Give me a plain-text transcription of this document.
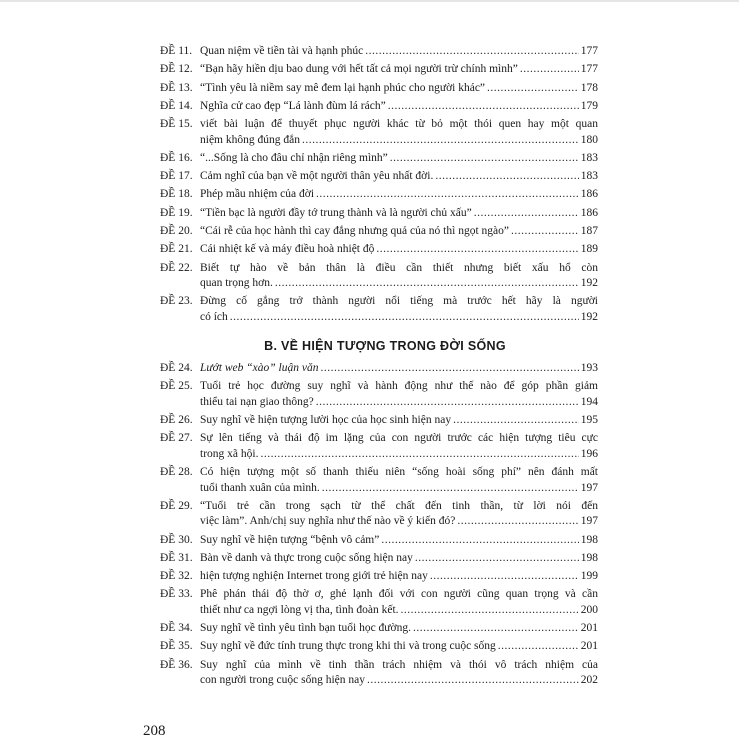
ĐỀ 11. Quan niệm về tiền tài và hạnh phúc .....	177
ĐỀ 12. “Bạn hãy hiền dịu bao dung với hết tất cả mọi người trừ chính mình” .....	177
ĐỀ 13. “Tình yêu là niềm say mê đem lại hạnh phúc cho người khác” .....	178
ĐỀ 14. Nghĩa cử cao đẹp “Lá lành đùm lá rách” .....	179
ĐỀ 15. viết bài luận để thuyết phục người khác từ bỏ một thói quen hay một quan
niệm không đúng đắn .....	180
ĐỀ 16. “...Sống là cho đâu chỉ nhận riêng mình” .....	183
ĐỀ 17. Cảm nghĩ của bạn về một người thân yêu nhất đời. .....	183
ĐỀ 18. Phép mầu nhiệm của đời .....	186
ĐỀ 19. “Tiền bạc là người đầy tớ trung thành và là người chủ xấu” .....	186
ĐỀ 20. “Cái rễ của học hành thì cay đắng nhưng quả của nó thì ngọt ngào” .....	187
ĐỀ 21. Cái nhiệt kế và máy điều hoà nhiệt độ .....	189
ĐỀ 22. Biết tự hào về bản thân là điều cần thiết nhưng biết xấu hổ còn
quan trọng hơn. .....	192
ĐỀ 23. Đừng cố gắng trở thành người nổi tiếng mà trước hết hãy là người
có ích .....	192
B. VỀ HIỆN TƯỢNG TRONG ĐỜI SỐNG
ĐỀ 24. Lướt web “xào” luận văn .....	193
ĐỀ 25. Tuổi trẻ học đường suy nghĩ và hành động như thế nào để góp phần giảm
thiểu tai nạn giao thông? .....	194
ĐỀ 26. Suy nghĩ về hiện tượng lười học của học sinh hiện nay .....	195
ĐỀ 27. Sự lên tiếng và thái độ im lặng của con người trước các hiện tượng tiêu cực
trong xã hội. .....	196
ĐỀ 28. Có hiện tượng một số thanh thiếu niên “sống hoài sống phí” nên đánh mất
tuổi thanh xuân của mình. .....	197
ĐỀ 29. “Tuổi trẻ cần trong sạch từ thể chất đến tinh thần, từ lời nói đến
việc làm”. Anh/chị suy nghĩa như thế nào về ý kiến đó? .....	197
ĐỀ 30. Suy nghĩ về hiện tượng “bệnh vô cảm” .....	198
ĐỀ 31. Bàn về danh và thực trong cuộc sống hiện nay .....	198
ĐỀ 32. hiện tượng nghiện Internet trong giới trẻ hiện nay .....	199
ĐỀ 33. Phê phán thái độ thờ ơ, ghẻ lạnh đối với con người cũng quan trọng và cần
thiết như ca ngợi lòng vị tha, tình đoàn kết. .....	200
ĐỀ 34. Suy nghĩ về tình yêu tình bạn tuổi học đường. .....	201
ĐỀ 35. Suy nghĩ về đức tính trung thực trong khi thi và trong cuộc sống .....	201
ĐỀ 36. Suy nghĩ của mình về tinh thần trách nhiệm và thói vô trách nhiệm của
con người trong cuộc sống hiện nay .....	202
208
